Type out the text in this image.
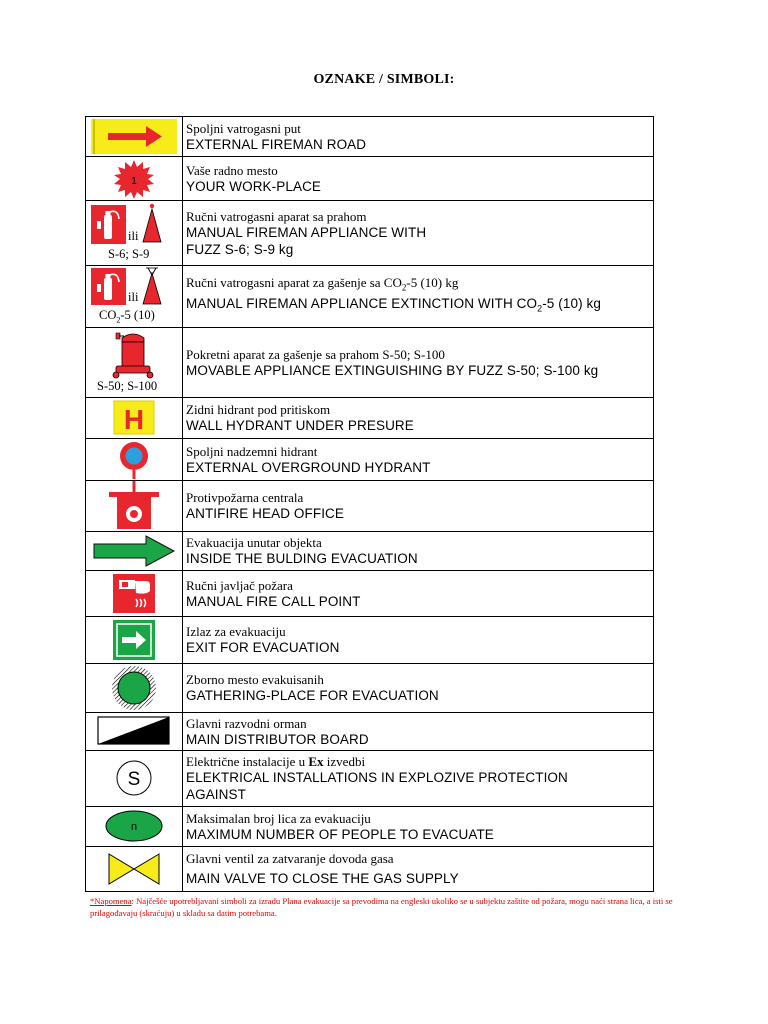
OZNAKE / SIMBOLI:

Spoljni vatrogasni put
EXTERNAL FIREMAN ROAD

1	Vaše radno mesto
YOUR WORK-PLACE

ili
S-6; S-9	Ručni vatrogasni aparat sa prahom
MANUAL FIREMAN APPLIANCE WITH
FUZZ S-6; S-9 kg

ili
$CO_2-5$ (10)	Ručni vatrogasni aparat za gašenje sa $CO_2-5$ (10) kg
MANUAL FIREMAN APPLIANCE EXTINCTION WITH $CO_2-5$ (10) kg

S-50; S-100	Pokretni aparat za gašenje sa prahom S-50; S-100
MOVABLE APPLIANCE EXTINGUISHING BY FUZZ S-50; S-100 kg

H	Zidni hidrant pod pritiskom
WALL HYDRANT UNDER PRESURE

Spoljni nadzemni hidrant
EXTERNAL OVERGROUND HYDRANT

Protivpožarna centrala
ANTIFIRE HEAD OFFICE

Evakuacija unutar objekta
INSIDE THE BULDING EVACUATION

Ručni javljač požara
MANUAL FIRE CALL POINT

Izlaz za evakuaciju
EXIT FOR EVACUATION

Zborno mesto evakuisanih
GATHERING-PLACE FOR EVACUATION

Glavni razvodni orman
MAIN DISTRIBUTOR BOARD

S	Električne instalacije u Ex izvedbi
ELEKTRICAL INSTALLATIONS IN EXPLOZIVE PROTECTION
AGAINST

n	Maksimalan broj lica za evakuaciju
MAXIMUM NUMBER OF PEOPLE TO EVACUATE

Glavni ventil za zatvaranje dovoda gasa
MAIN VALVE TO CLOSE THE GAS SUPPLY
*Napomena: Najčešće upotrebljavani simboli za izradu Plana evakuacije sa prevodima na engleski ukoliko se u subjektu zaštite od požara, mogu naći strana lica, a isti se prilagođavaju (skraćuju) u skladu sa datim potrebama.
